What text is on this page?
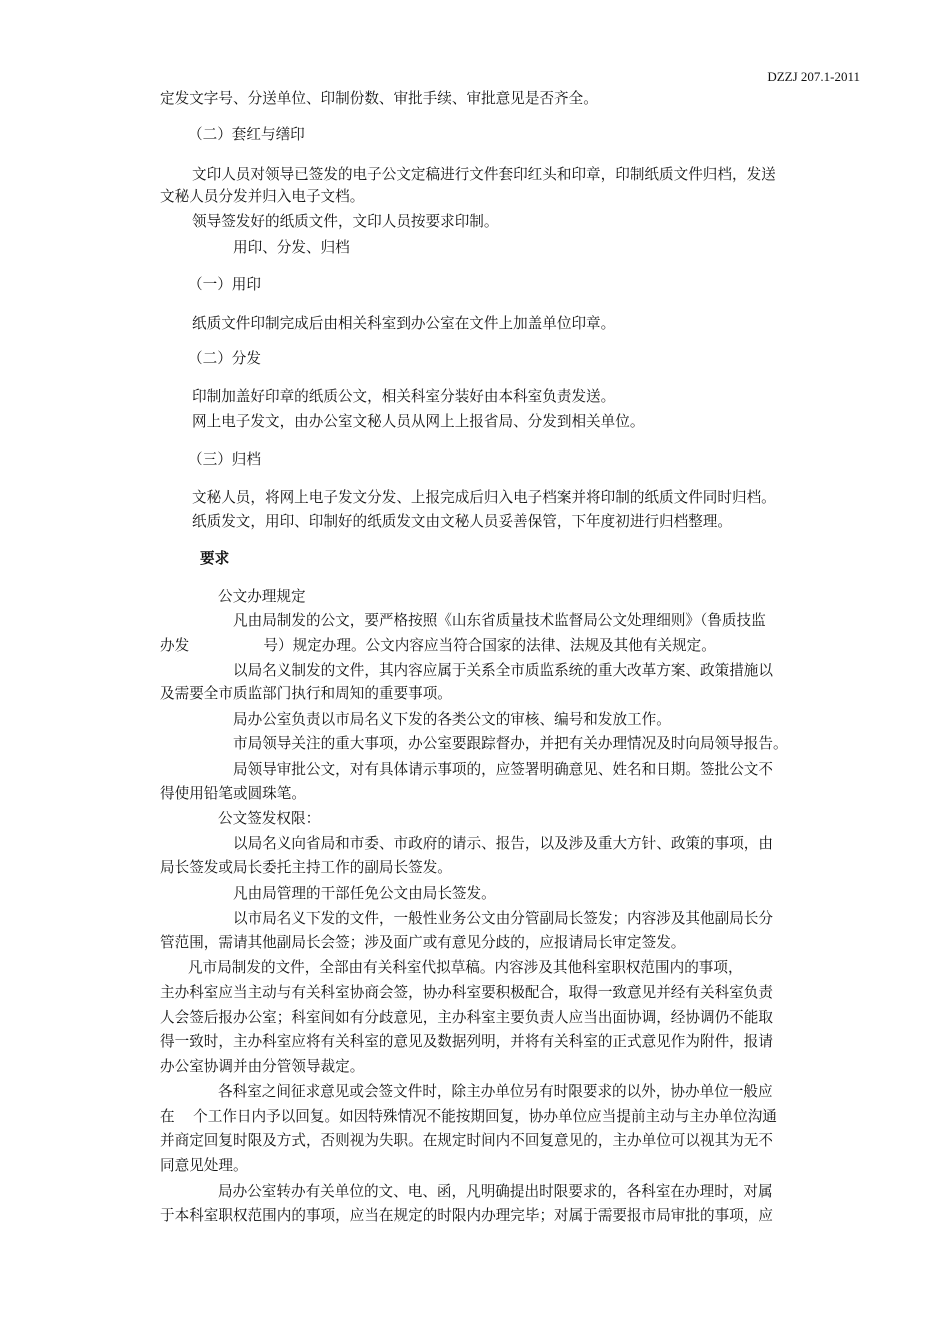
DZZJ 207.1-2011
定发文字号、分送单位、印制份数、审批手续、审批意见是否齐全。
（二）套红与缮印
文印人员对领导已签发的电子公文定稿进行文件套印红头和印章，印制纸质文件归档，发送
文秘人员分发并归入电子文档。
领导签发好的纸质文件，文印人员按要求印制。
用印、分发、归档
（一）用印
纸质文件印制完成后由相关科室到办公室在文件上加盖单位印章。
（二）分发
印制加盖好印章的纸质公文，相关科室分装好由本科室负责发送。
网上电子发文，由办公室文秘人员从网上上报省局、分发到相关单位。
（三）归档
文秘人员，将网上电子发文分发、上报完成后归入电子档案并将印制的纸质文件同时归档。
纸质发文，用印、印制好的纸质发文由文秘人员妥善保管，下年度初进行归档整理。
要求
公文办理规定
凡由局制发的公文，要严格按照《山东省质量技术监督局公文处理细则》（鲁质技监
办发                号）规定办理。公文内容应当符合国家的法律、法规及其他有关规定。
以局名义制发的文件，其内容应属于关系全市质监系统的重大改革方案、政策措施以
及需要全市质监部门执行和周知的重要事项。
局办公室负责以市局名义下发的各类公文的审核、编号和发放工作。
市局领导关注的重大事项，办公室要跟踪督办，并把有关办理情况及时向局领导报告。
局领导审批公文，对有具体请示事项的，应签署明确意见、姓名和日期。签批公文不
得使用铅笔或圆珠笔。
公文签发权限：
以局名义向省局和市委、市政府的请示、报告，以及涉及重大方针、政策的事项，由
局长签发或局长委托主持工作的副局长签发。
凡由局管理的干部任免公文由局长签发。
以市局名义下发的文件，一般性业务公文由分管副局长签发；内容涉及其他副局长分
管范围，需请其他副局长会签；涉及面广或有意见分歧的，应报请局长审定签发。
凡市局制发的文件，全部由有关科室代拟草稿。内容涉及其他科室职权范围内的事项，
主办科室应当主动与有关科室协商会签，协办科室要积极配合，取得一致意见并经有关科室负责
人会签后报办公室；科室间如有分歧意见，主办科室主要负责人应当出面协调，经协调仍不能取
得一致时，主办科室应将有关科室的意见及数据列明，并将有关科室的正式意见作为附件，报请
办公室协调并由分管领导裁定。
各科室之间征求意见或会签文件时，除主办单位另有时限要求的以外，协办单位一般应
在    个工作日内予以回复。如因特殊情况不能按期回复，协办单位应当提前主动与主办单位沟通
并商定回复时限及方式，否则视为失职。在规定时间内不回复意见的，主办单位可以视其为无不
同意见处理。
局办公室转办有关单位的文、电、函，凡明确提出时限要求的，各科室在办理时，对属
于本科室职权范围内的事项，应当在规定的时限内办理完毕；对属于需要报市局审批的事项，应
